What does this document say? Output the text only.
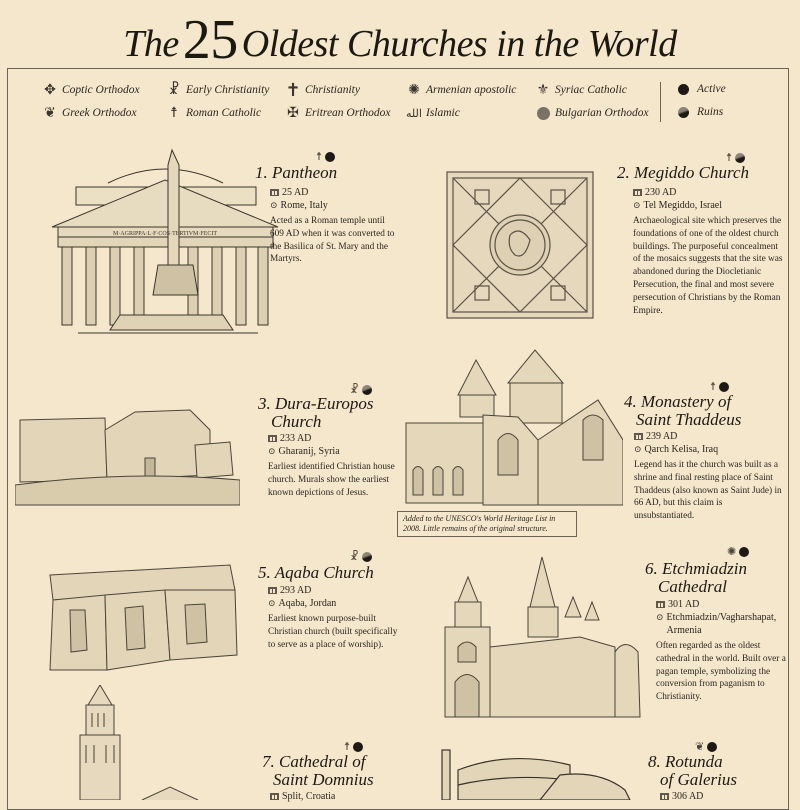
The25 Oldest Churches in the World
✥ Coptic Orthodox ☧ Early Christianity ✝ Christianity	✺ Armenian apostolic ⚜ Syriac Catholic
❦ Greek Orthodox ☨ Roman Catholic ✠ Eritrean Orthodox الله Islamic	Bulgarian Orthodox
Active
Ruins
M·AGRIPPA·L·F·COS·TERTIVM·FECIT
Added to the UNESCO's World Heritage List in 2008. Little remains of the original structure.
☨
1. Pantheon
25 AD
⊙ Rome, Italy
Acted as a Roman temple until 609 AD when it was converted to the Basilica of St. Mary and the Martyrs.
☨
2. Megiddo Church
230 AD
⊙ Tel Megiddo, Israel
Archaeological site which preserves the foundations of one of the oldest church buildings. The purposeful concealment of the mosaics suggests that the site was abandoned during the Diocletianic Persecution, the final and most severe persecution of Christians by the Roman Empire.
☧
3. Dura-Europos
Church
233 AD
⊙ Gharanij, Syria
Earliest identified Christian house church. Murals show the earliest known depictions of Jesus.
☨
4. Monastery of
Saint Thaddeus
239 AD
⊙ Qarch Kelisa, Iraq
Legend has it the church was built as a shrine and final resting place of Saint Thaddeus (also known as Saint Jude) in 66 AD, but this claim is unsubstantiated.
☧
5. Aqaba Church
293 AD
⊙ Aqaba, Jordan
Earliest known purpose-built Christian church (built specifically to serve as a place of worship).
✺
6. Etchmiadzin
Cathedral
301 AD
⊙ Etchmiadzin/Vagharshapat, Armenia
Often regarded as the oldest cathedral in the world. Built over a pagan temple, symbolizing the conversion from paganism to Christianity.
☨
7. Cathedral of
Saint Domnius
Split, Croatia
❦
8. Rotunda
of Galerius
306 AD
